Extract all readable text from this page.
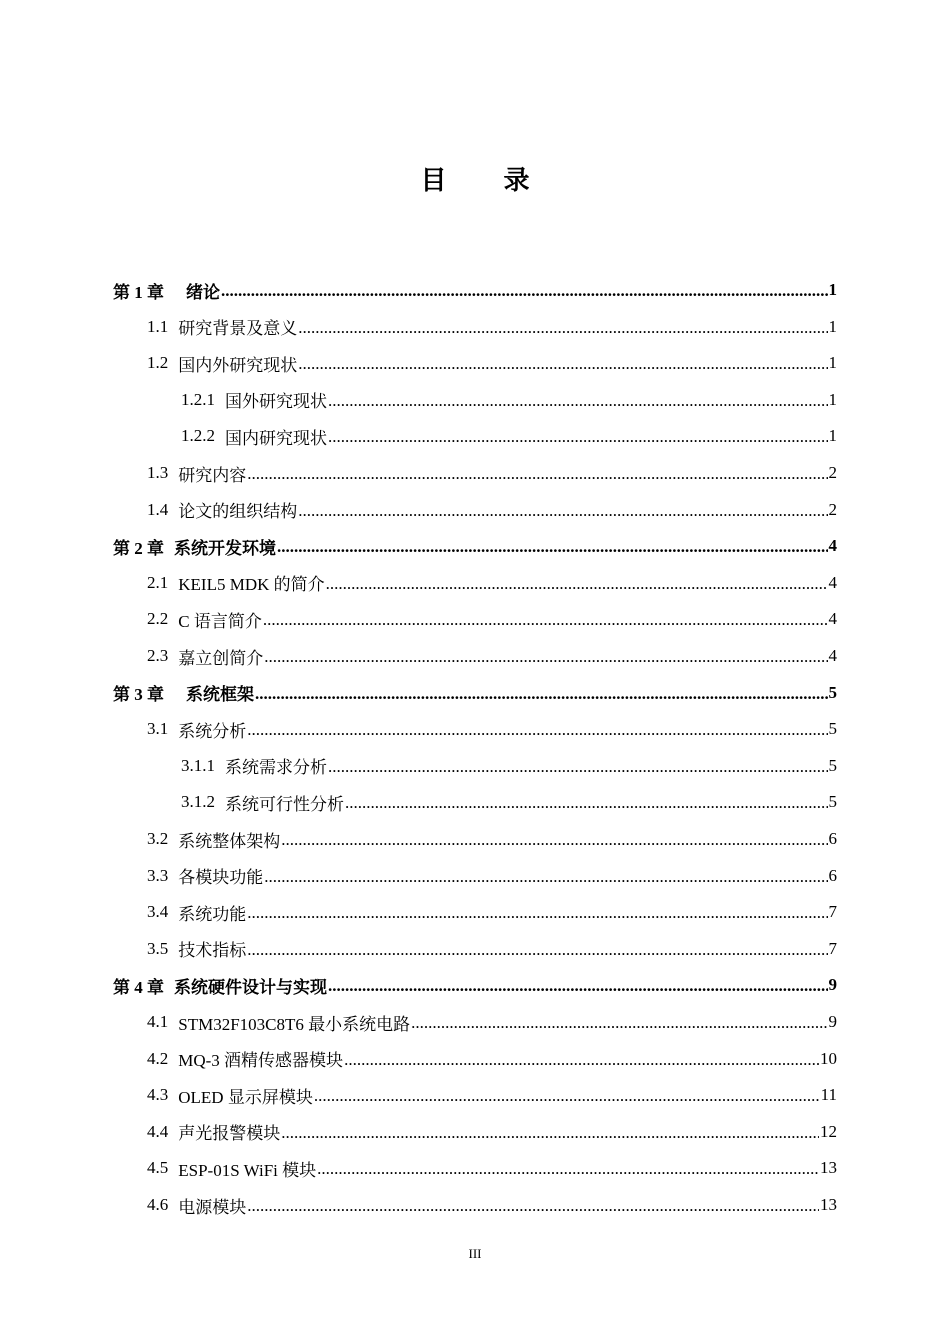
目 录
第 1 章 绪论 .....	1
1.1 研究背景及意义 .....	1
1.2 国内外研究现状 .....	1
1.2.1 国外研究现状 .....	1
1.2.2 国内研究现状 .....	1
1.3 研究内容 .....	2
1.4 论文的组织结构 .....	2
第 2 章 系统开发环境 .....	4
2.1 KEIL5 MDK 的简介 .....	4
2.2 C 语言简介 .....	4
2.3 嘉立创简介 .....	4
第 3 章 系统框架 .....	5
3.1 系统分析 .....	5
3.1.1 系统需求分析 .....	5
3.1.2 系统可行性分析 .....	5
3.2 系统整体架构 .....	6
3.3 各模块功能 .....	6
3.4 系统功能 .....	7
3.5 技术指标 .....	7
第 4 章 系统硬件设计与实现 .....	9
4.1 STM32F103C8T6 最小系统电路 .....	9
4.2 MQ-3 酒精传感器模块 .....	10
4.3 OLED 显示屏模块 .....	11
4.4 声光报警模块 .....	12
4.5 ESP-01S WiFi 模块 .....	13
4.6 电源模块 .....	13
III
